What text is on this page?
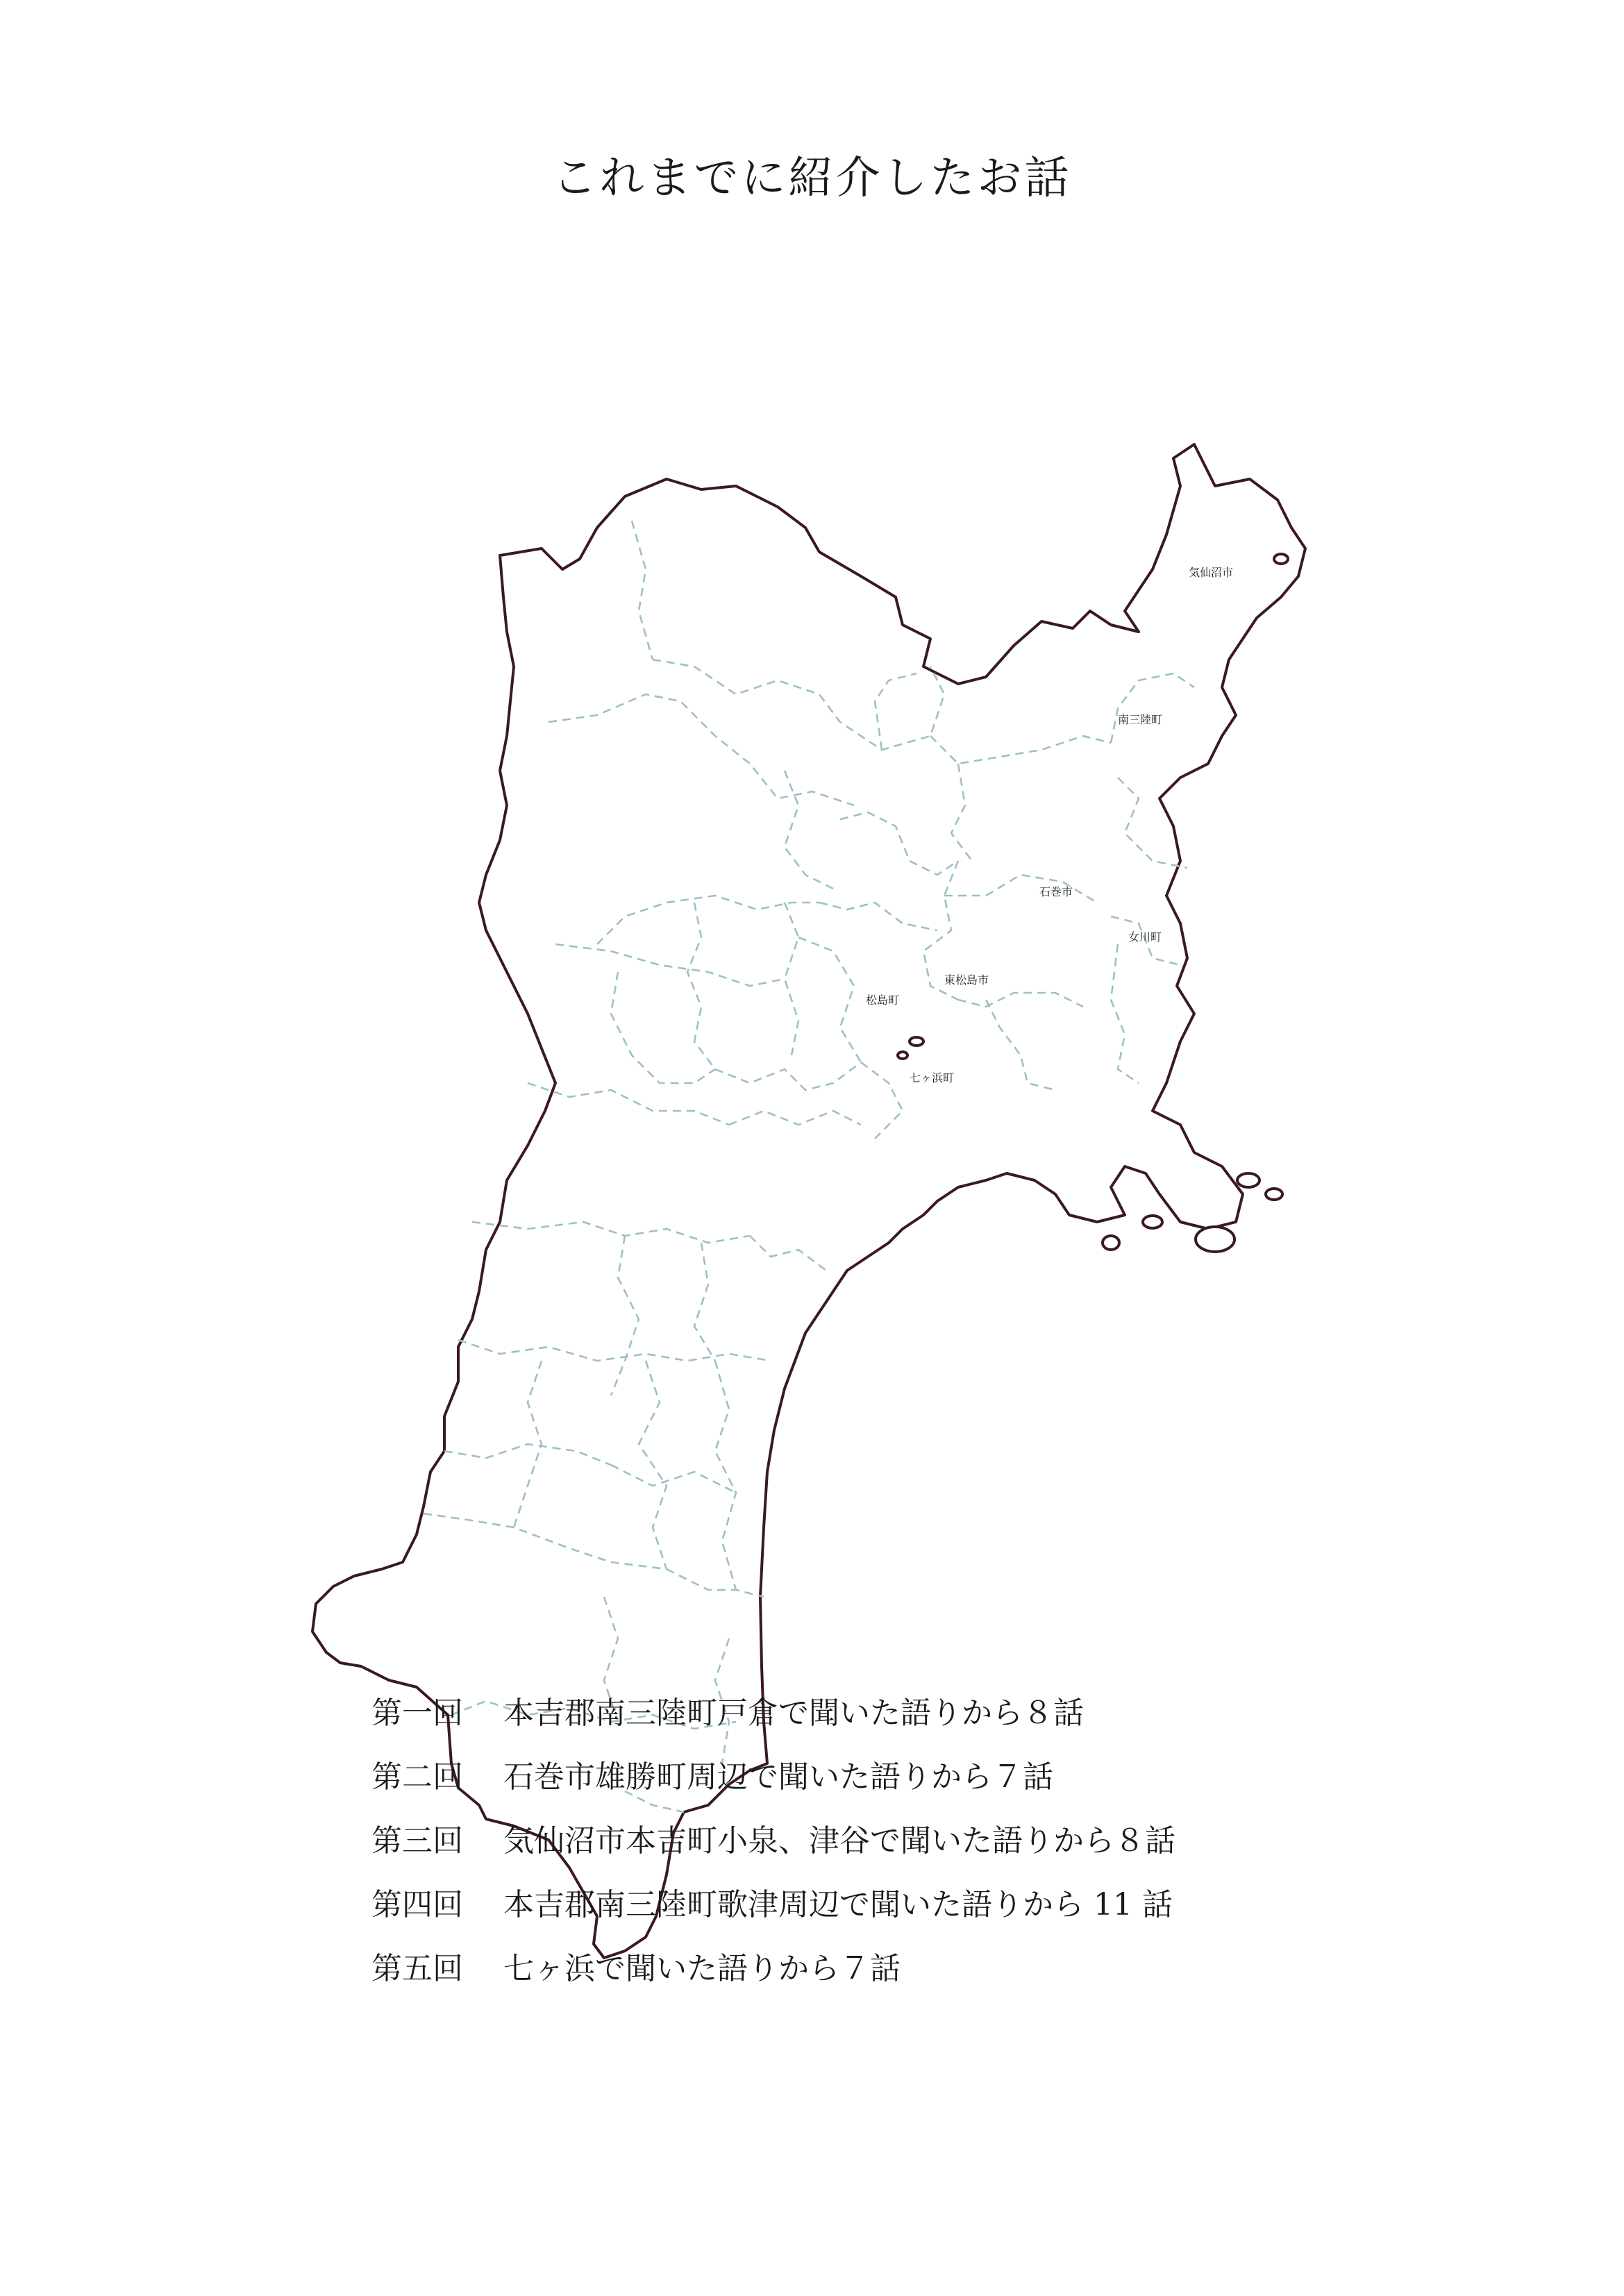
これまでに紹介したお話
気仙沼市
南三陸町
石巻市
女川町
東松島市
松島町
七ヶ浜町
第一回 本吉郡南三陸町戸倉で聞いた語りから８話
第二回 石巻市雄勝町周辺で聞いた語りから７話
第三回 気仙沼市本吉町小泉、津谷で聞いた語りから８話
第四回 本吉郡南三陸町歌津周辺で聞いた語りから 11 話
第五回 七ヶ浜で聞いた語りから７話
